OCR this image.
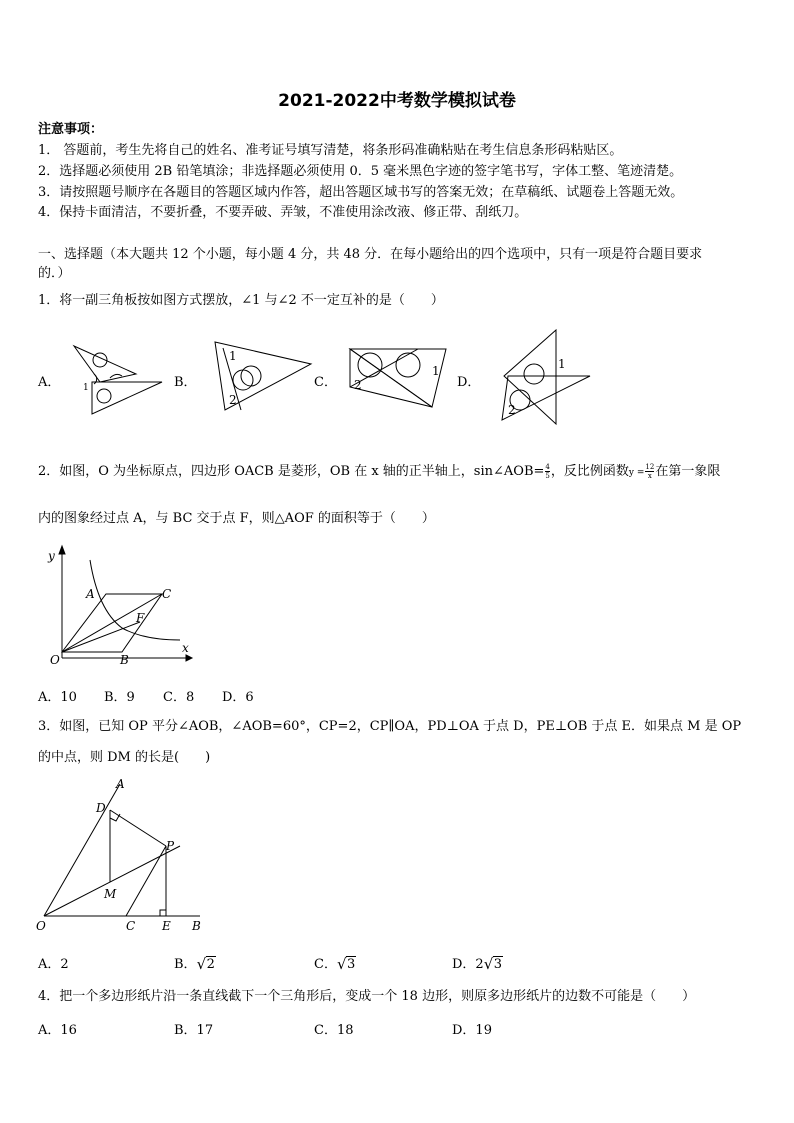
2021-2022中考数学模拟试卷
注意事项：
1． 答题前，考生先将自己的姓名、准考证号填写清楚，将条形码准确粘贴在考生信息条形码粘贴区。
2．选择题必须使用 2B 铅笔填涂；非选择题必须使用 0．5 毫米黑色字迹的签字笔书写，字体工整、笔迹清楚。
3．请按照题号顺序在各题目的答题区域内作答，超出答题区域书写的答案无效；在草稿纸、试题卷上答题无效。
4．保持卡面清洁，不要折叠，不要弄破、弄皱，不准使用涂改液、修正带、刮纸刀。
一、选择题（本大题共 12 个小题，每小题 4 分，共 48 分．在每小题给出的四个选项中，只有一项是符合题目要求
的．）
1．将一副三角板按如图方式摆放，∠1 与∠2 不一定互补的是（　　）
A．	B．	C．	D．
1
1
2
2
1	1
2
2．如图，O 为坐标原点，四边形 OACB 是菱形，OB 在 x 轴的正半轴上，sin∠AOB= $\frac{4}{5}$ ，反比例函数$y = \frac{12}{x}$ 在第一象限
内的图象经过点 A，与 BC 交于点 F，则△AOF 的面积等于（　　）
y
x
O
A
B
C
F
A．10 B．9 C．8 D．6
3．如图，已知 OP 平分∠AOB，∠AOB=60°，CP=2，CP∥OA，PD⊥OA 于点 D，PE⊥OB 于点 E．如果点 M 是 OP
的中点，则 DM 的长是(　　)
A
D
P
M
O	C E B
A．2	B． √ 2	C． √ 3	D．2 √ 3
4．把一个多边形纸片沿一条直线截下一个三角形后，变成一个 18 边形，则原多边形纸片的边数不可能是（　　）
A．16	B．17	C．18	D．19
